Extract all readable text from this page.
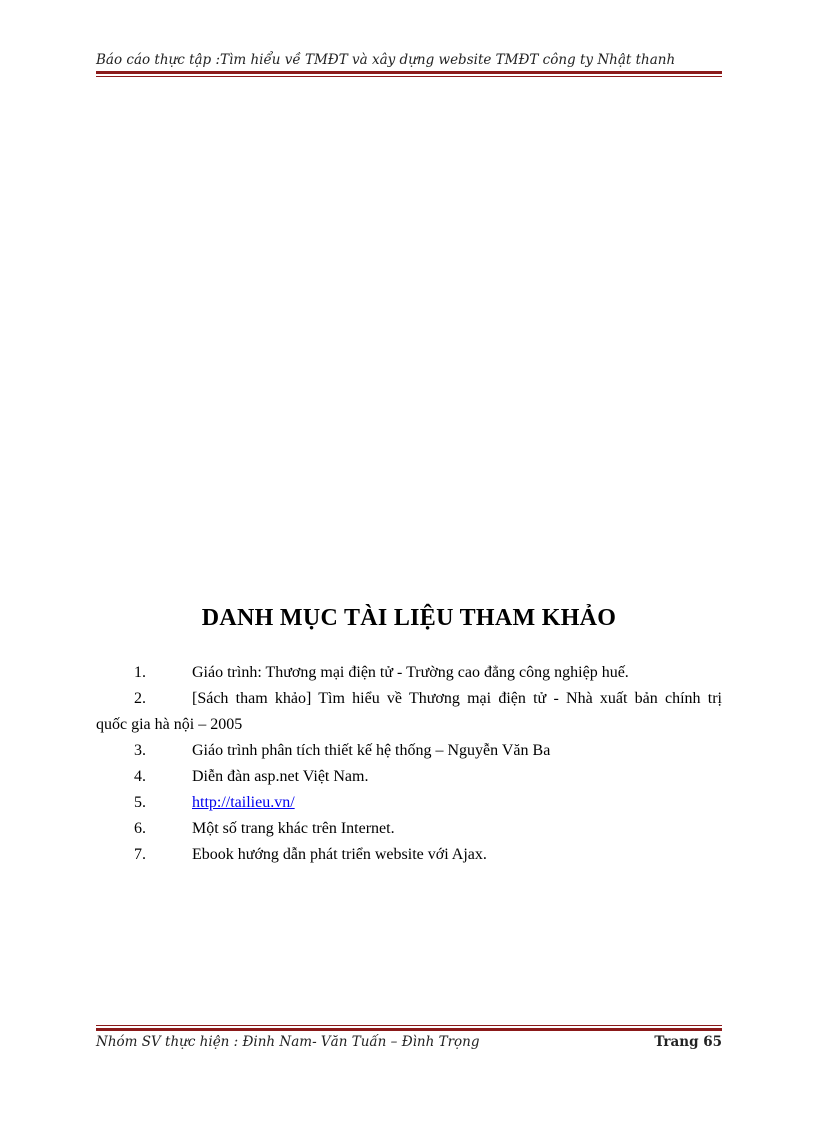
Báo cáo thực tập :Tìm hiểu về TMĐT và xây dựng website TMĐT công ty Nhật thanh
DANH MỤC TÀI LIỆU THAM KHẢO
1.	Giáo trình: Thương mại điện tử - Trường cao đẳng công nghiệp huế.
2.	[Sách tham khảo] Tìm hiểu về Thương mại điện tử - Nhà xuất bản chính trị
quốc gia hà nội – 2005
3.	Giáo trình phân tích thiết kế hệ thống – Nguyễn Văn Ba
4.	Diễn đàn asp.net Việt Nam.
5.	http://tailieu.vn/
6.	Một số trang khác trên Internet.
7.	Ebook hướng dẫn phát triển website với Ajax.
Nhóm SV thực hiện : Đinh Nam- Văn Tuấn – Đình Trọng	Trang 65
